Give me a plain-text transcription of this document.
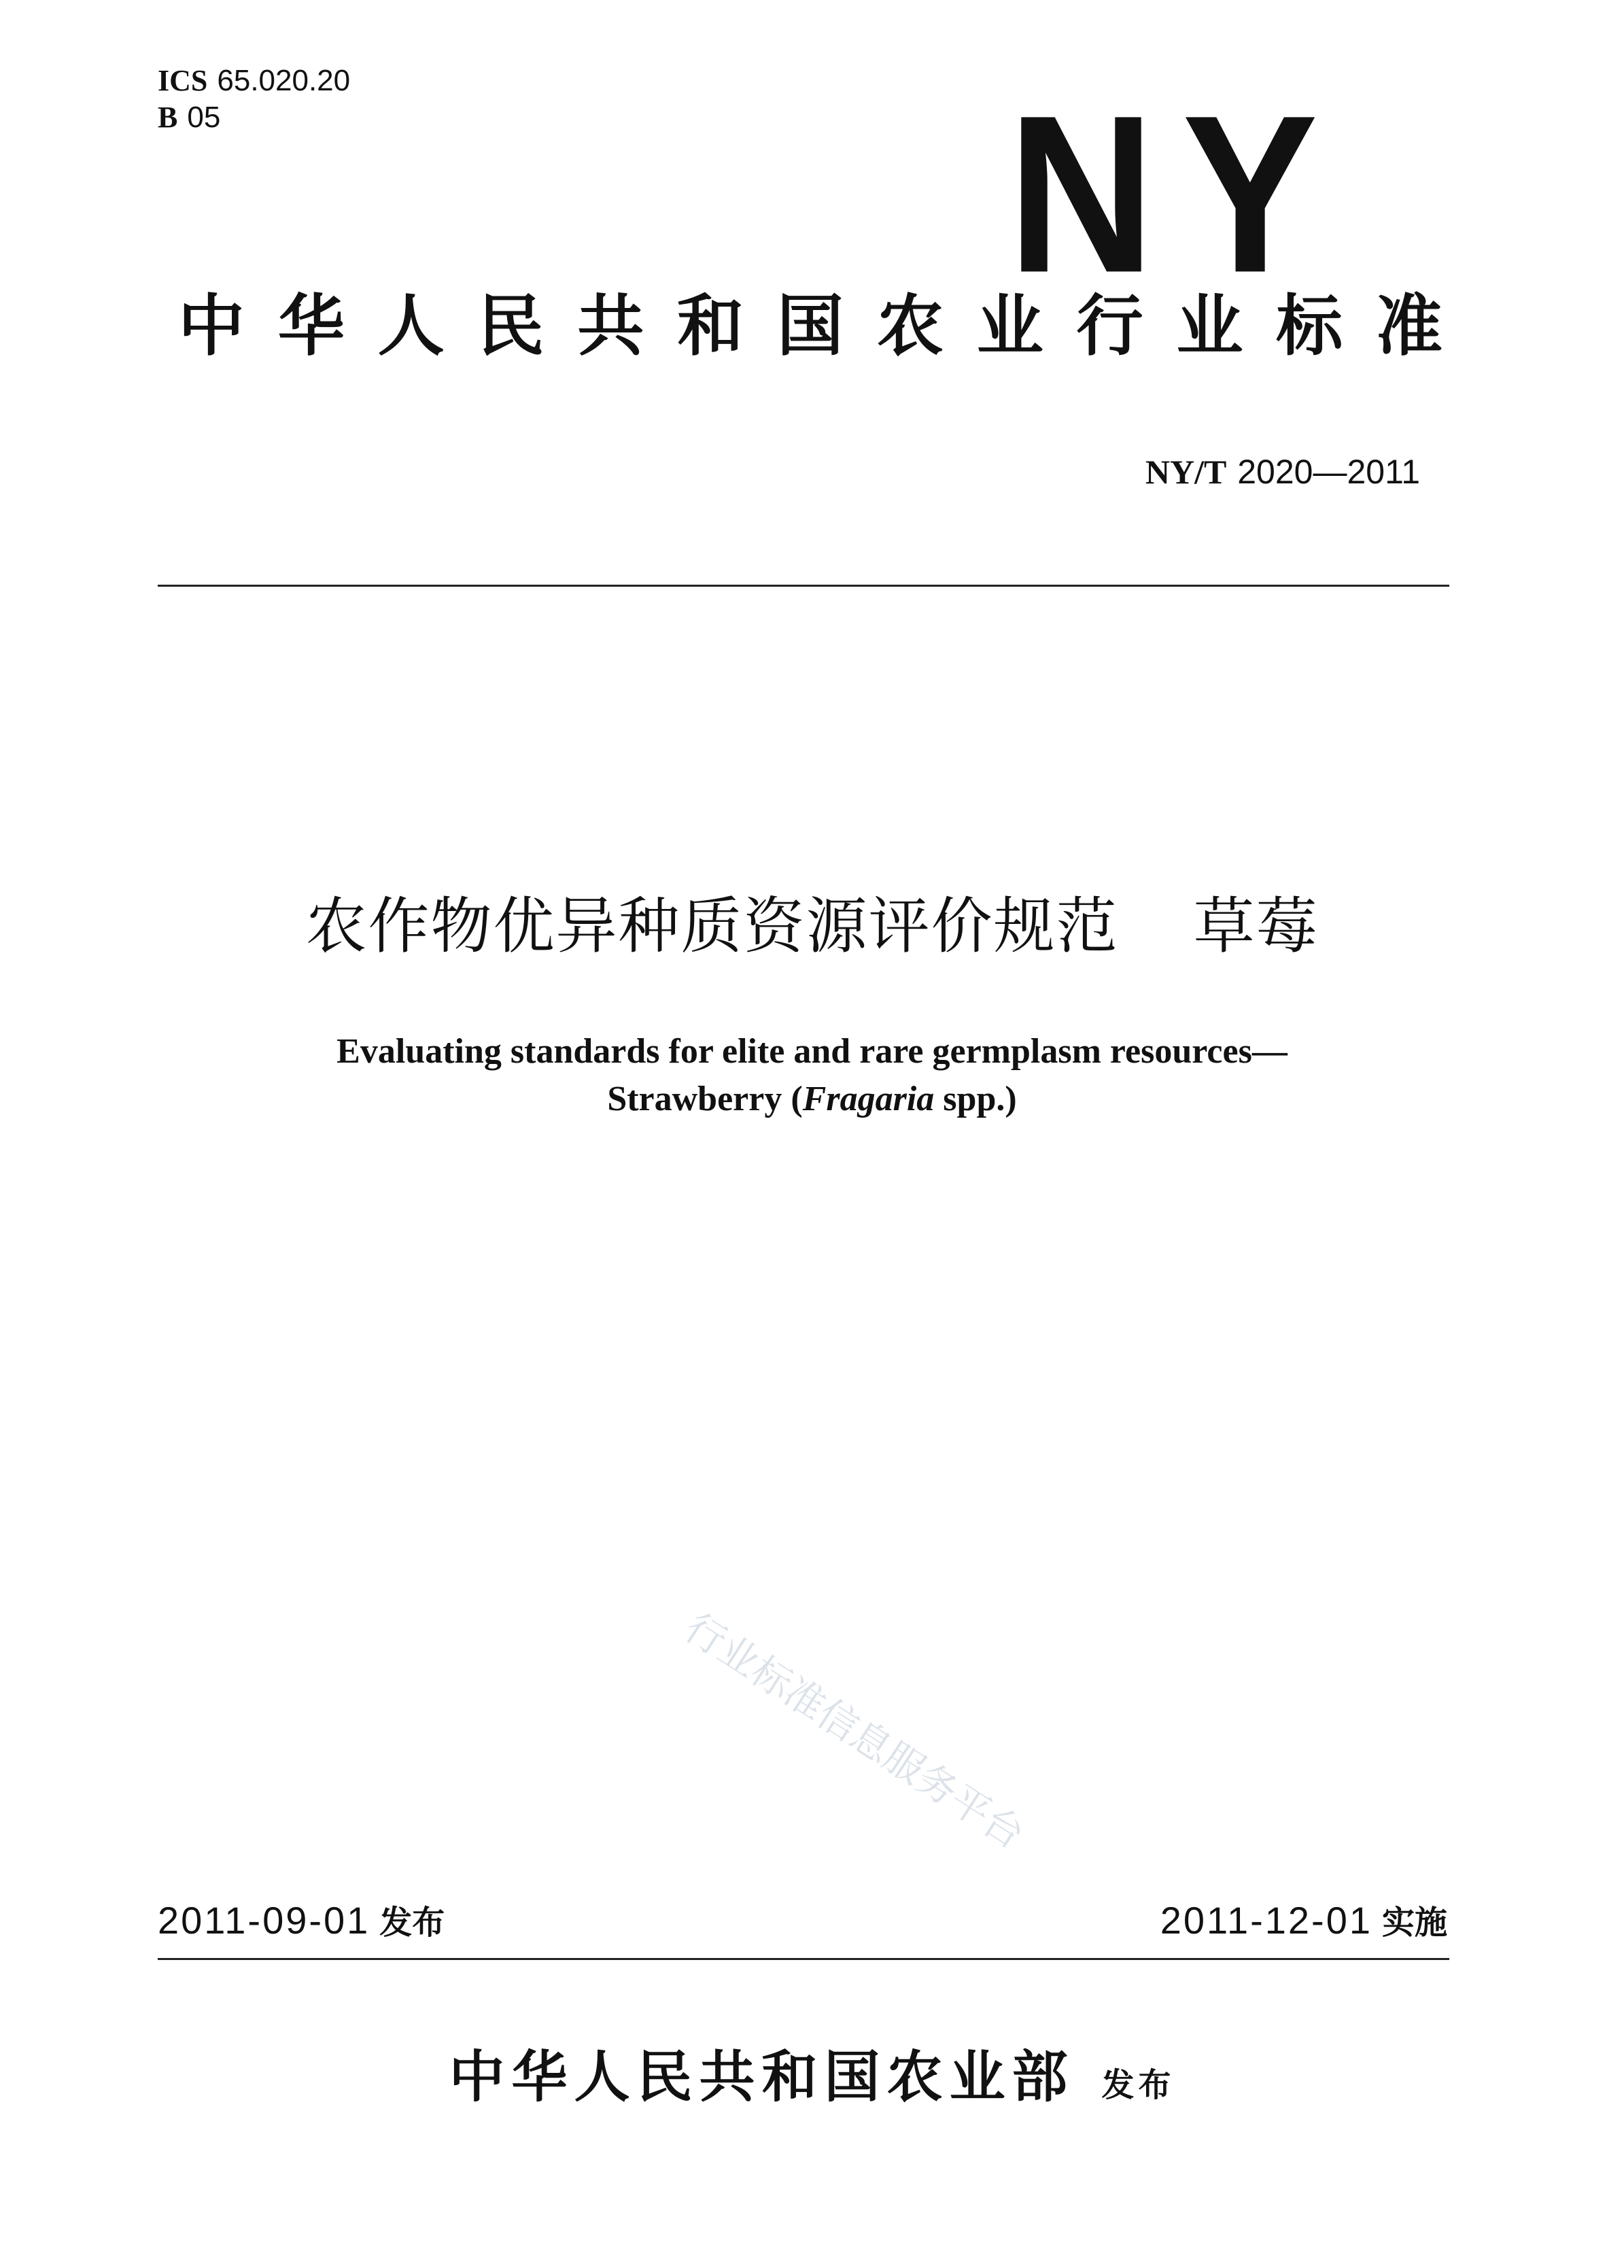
ICS 65.020.20
B 05	NY
中华人民共和国农业行业标准
NY/T 2020—2011
农作物优异种质资源评价规范 草莓
Evaluating standards for elite and rare germplasm resources—
Strawberry (Fragaria spp.)
行业标准信息服务平台
2011-09-01 发布	2011-12-01 实施
中华人民共和国农业部 发布
